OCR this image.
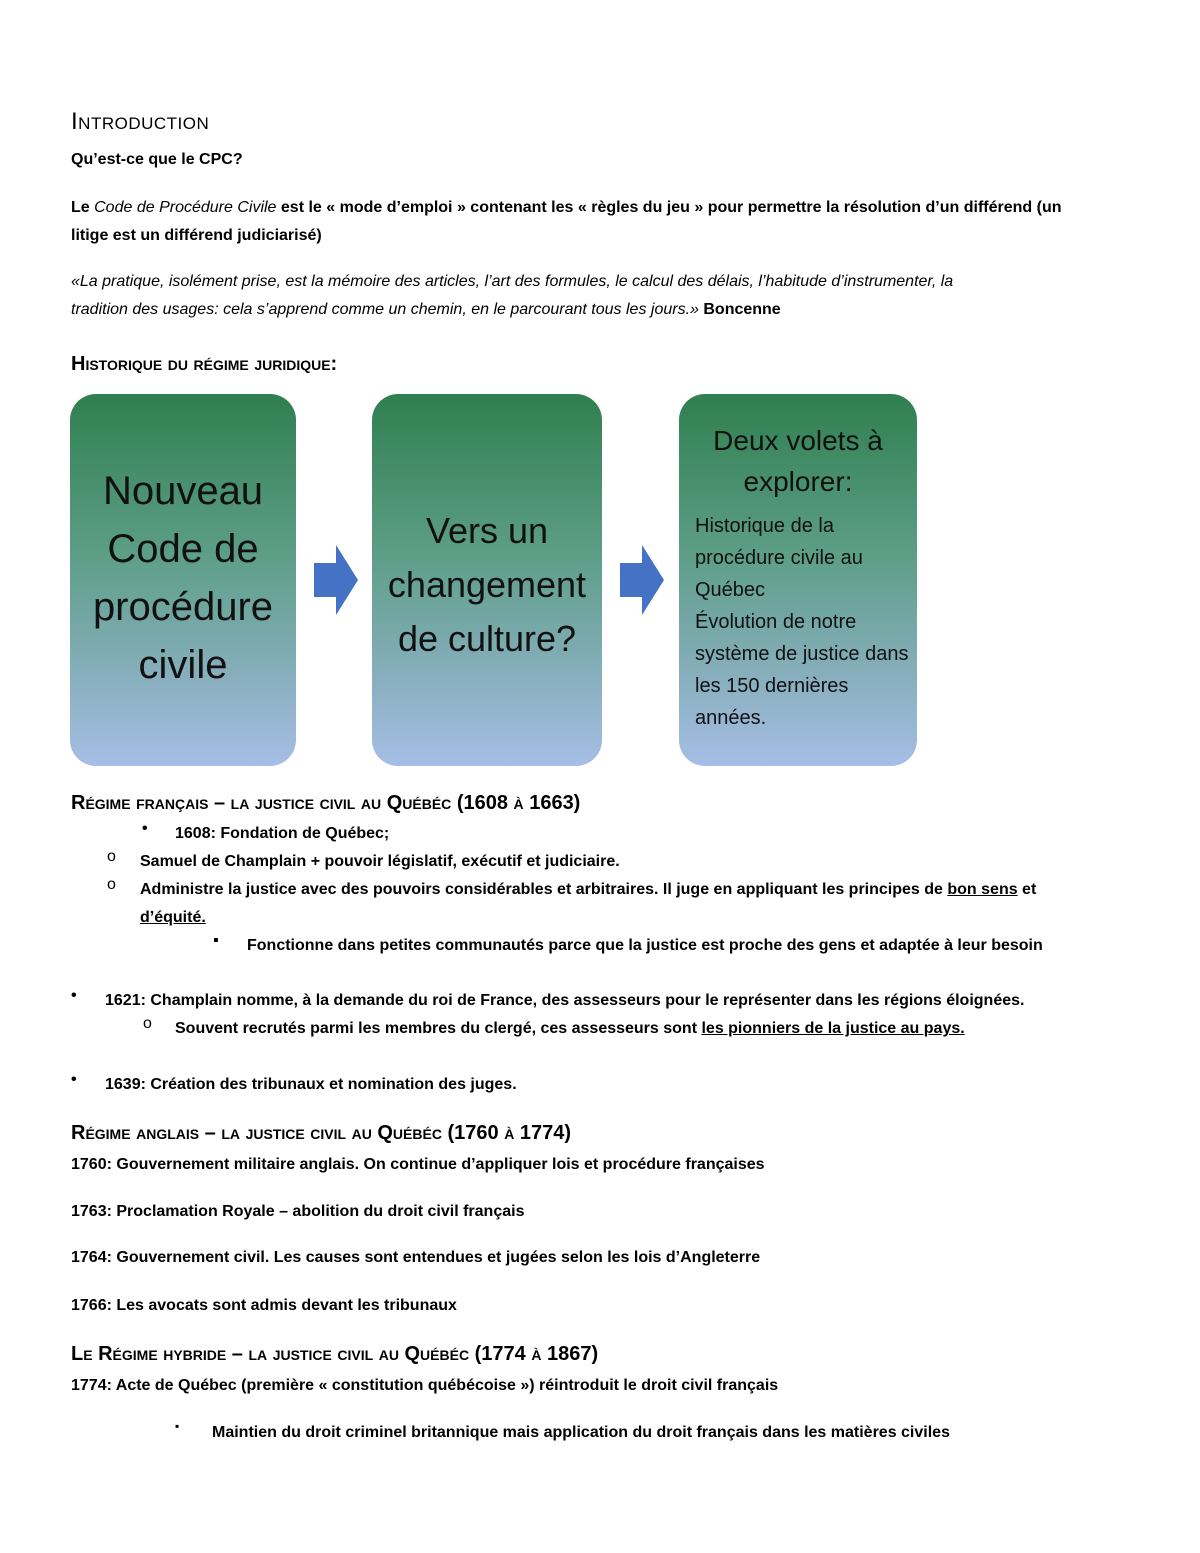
Introduction
Qu’est-ce que le CPC?
Le Code de Procédure Civile est le « mode d’emploi » contenant les « règles du jeu » pour permettre la résolution d’un différend (un
litige est un différend judiciarisé)
«La pratique, isolément prise, est la mémoire des articles, l’art des formules, le calcul des délais, l’habitude d’instrumenter, la
tradition des usages: cela s’apprend comme un chemin, en le parcourant tous les jours.» Boncenne
Historique du régime juridique:
Nouveau
Code de
procédure
civile
Vers un
changement
de culture?
Deux volets à
explorer:
Historique de la
procédure civile au
Québec
Évolution de notre
système de justice dans
les 150 dernières
années.
Régime français – la justice civil au Québéc (1608 à 1663)
• 1608: Fondation de Québec;
o Samuel de Champlain + pouvoir législatif, exécutif et judiciaire.
o Administre la justice avec des pouvoirs considérables et arbitraires. Il juge en appliquant les principes de bon sens et
d’équité.
▪ Fonctionne dans petites communautés parce que la justice est proche des gens et adaptée à leur besoin
• 1621: Champlain nomme, à la demande du roi de France, des assesseurs pour le représenter dans les régions éloignées.
o Souvent recrutés parmi les membres du clergé, ces assesseurs sont les pionniers de la justice au pays.
• 1639: Création des tribunaux et nomination des juges.
Régime anglais – la justice civil au Québéc (1760 à 1774)
1760: Gouvernement militaire anglais. On continue d’appliquer lois et procédure françaises
1763: Proclamation Royale – abolition du droit civil français
1764: Gouvernement civil. Les causes sont entendues et jugées selon les lois d’Angleterre
1766: Les avocats sont admis devant les tribunaux
Le Régime hybride – la justice civil au Québéc (1774 à 1867)
1774: Acte de Québec (première « constitution québécoise ») réintroduit le droit civil français
▪ Maintien du droit criminel britannique mais application du droit français dans les matières civiles
